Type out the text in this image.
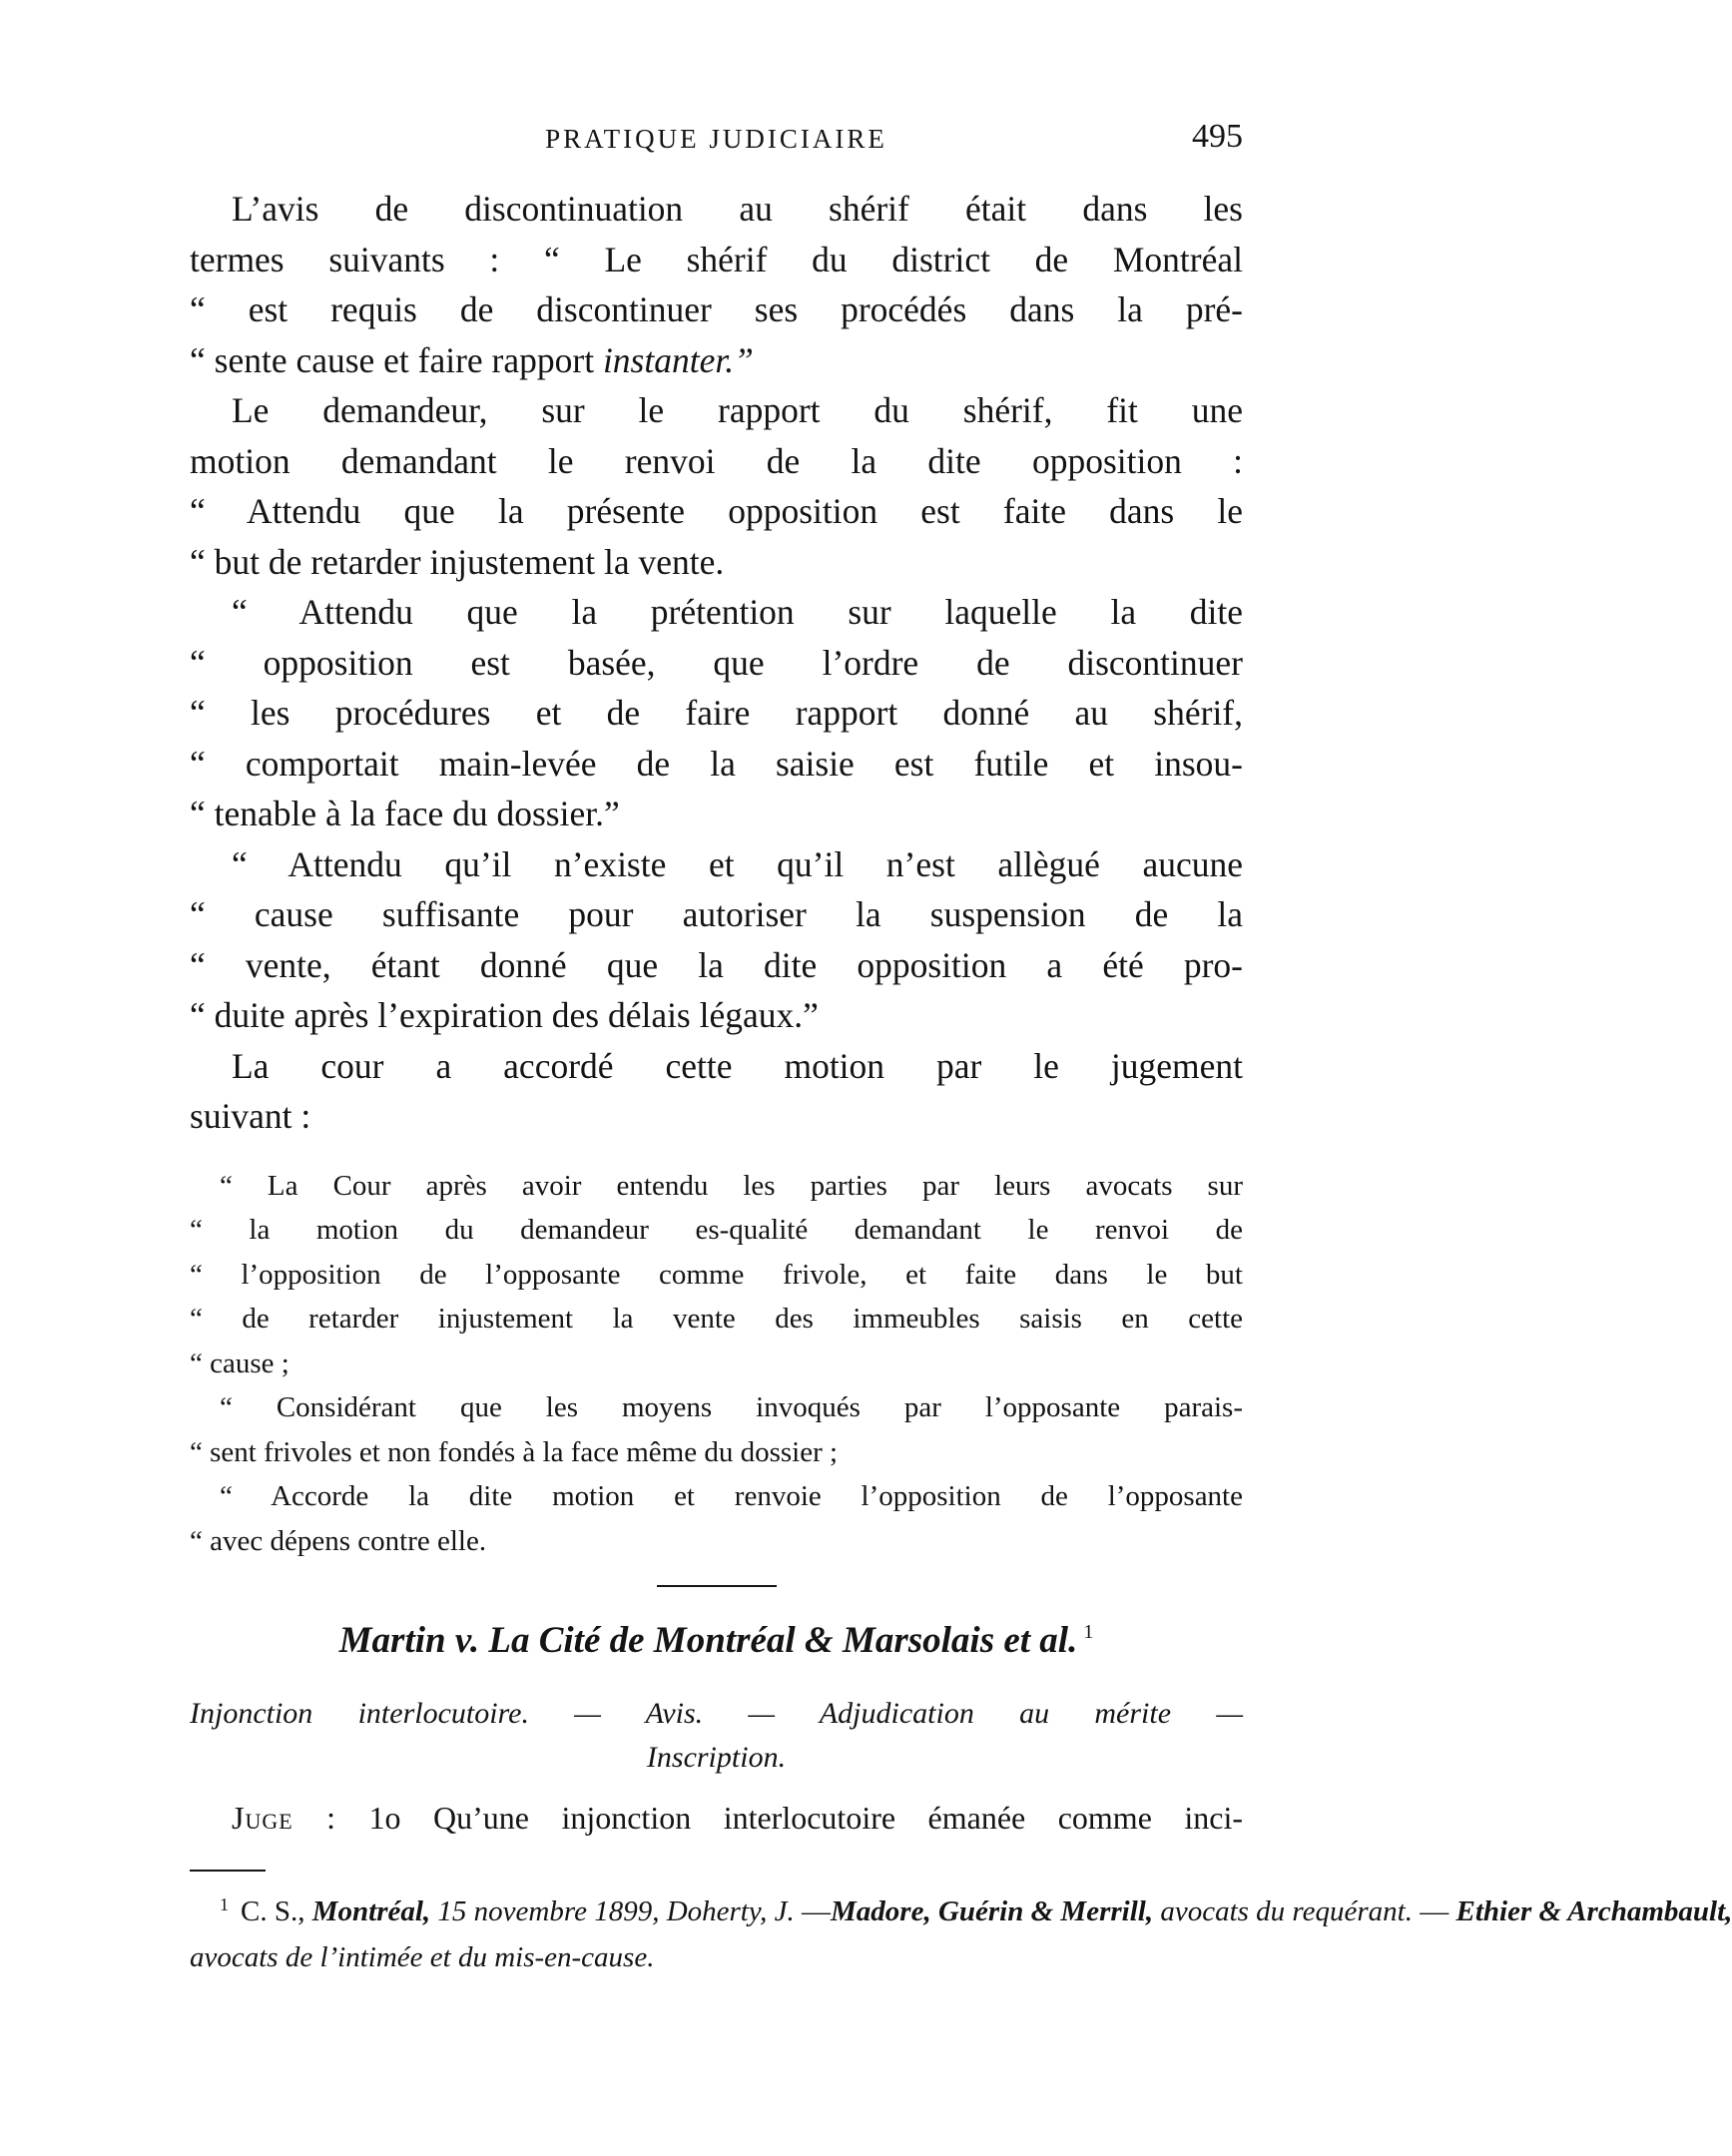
PRATIQUE JUDICIAIRE	495
L’avis de discontinuation au shérif était dans les
termes suivants : “ Le shérif du district de Montréal
“ est requis de discontinuer ses procédés dans la pré-
“ sente cause et faire rapport instanter.”
Le demandeur, sur le rapport du shérif, fit une
motion demandant le renvoi de la dite opposition :
“ Attendu que la présente opposition est faite dans le
“ but de retarder injustement la vente.
“ Attendu que la prétention sur laquelle la dite
“ opposition est basée, que l’ordre de discontinuer
“ les procédures et de faire rapport donné au shérif,
“ comportait main-levée de la saisie est futile et insou-
“ tenable à la face du dossier.”
“ Attendu qu’il n’existe et qu’il n’est allègué aucune
“ cause suffisante pour autoriser la suspension de la
“ vente, étant donné que la dite opposition a été pro-
“ duite après l’expiration des délais légaux.”
La cour a accordé cette motion par le jugement
suivant :
“ La Cour après avoir entendu les parties par leurs avocats sur
“ la motion du demandeur es-qualité demandant le renvoi de
“ l’opposition de l’opposante comme frivole, et faite dans le but
“ de retarder injustement la vente des immeubles saisis en cette
“ cause ;
“ Considérant que les moyens invoqués par l’opposante parais-
“ sent frivoles et non fondés à la face même du dossier ;
“ Accorde la dite motion et renvoie l’opposition de l’opposante
“ avec dépens contre elle.
Martin v. La Cité de Montréal & Marsolais et al. $^1$
Injonction interlocutoire. — Avis. — Adjudication au mérite —
Inscription.
Juge : 1o Qu’une injonction interlocutoire émanée comme inci-
$^1$ C. S., Montréal, 15 novembre 1899, Doherty, J. —Madore, Guérin & Merrill, avocats du requérant. — Ethier & Archambault,
avocats de l’intimée et du mis-en-cause.
